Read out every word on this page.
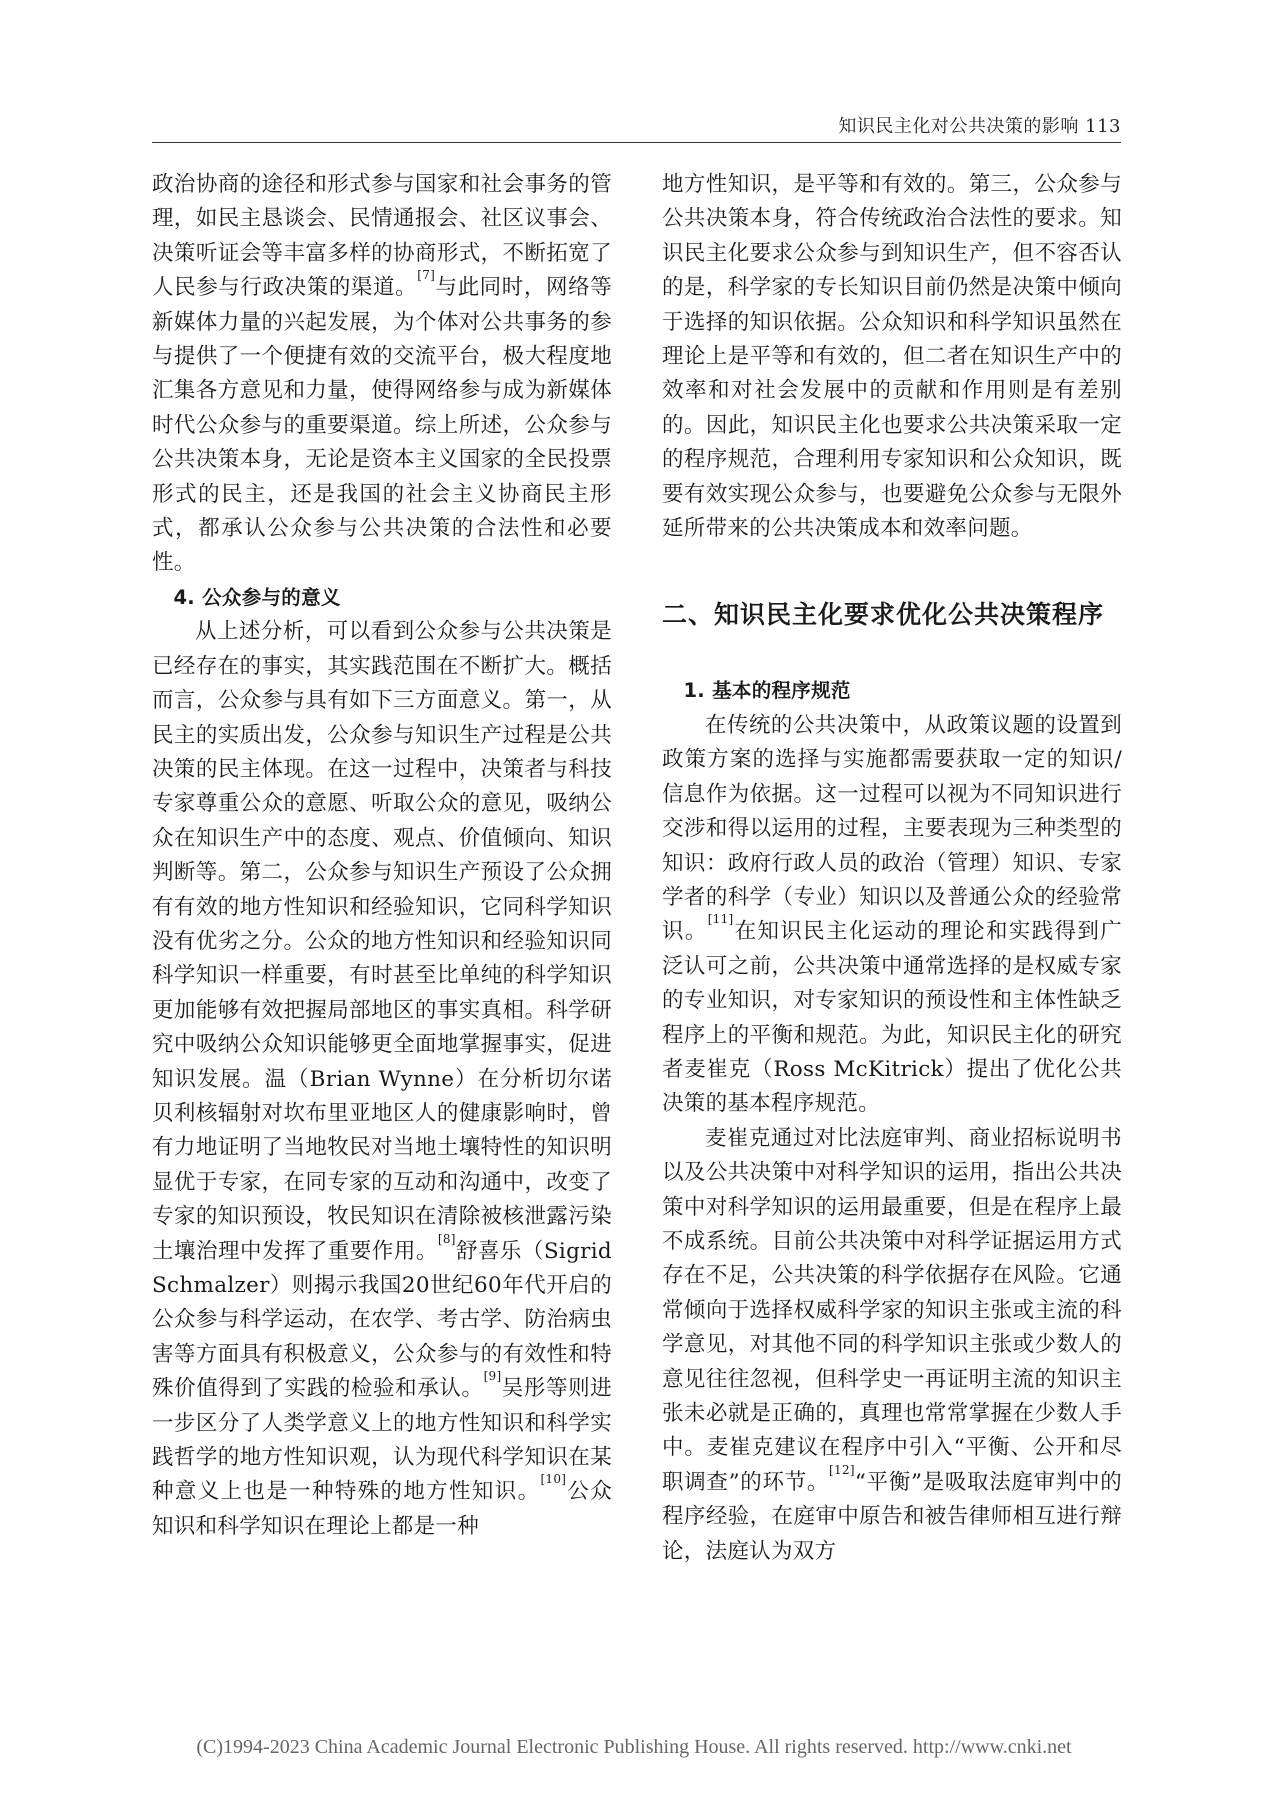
知识民主化对公共决策的影响 113

政治协商的途径和形式参与国家和社会事务的管理，如民主恳谈会、民情通报会、社区议事会、决策听证会等丰富多样的协商形式，不断拓宽了人民参与行政决策的渠道。[7]与此同时，网络等新媒体力量的兴起发展，为个体对公共事务的参与提供了一个便捷有效的交流平台，极大程度地汇集各方意见和力量，使得网络参与成为新媒体时代公众参与的重要渠道。综上所述，公众参与公共决策本身，无论是资本主义国家的全民投票形式的民主，还是我国的社会主义协商民主形式，都承认公众参与公共决策的合法性和必要性。

4. 公众参与的意义

从上述分析，可以看到公众参与公共决策是已经存在的事实，其实践范围在不断扩大。概括而言，公众参与具有如下三方面意义。第一，从民主的实质出发，公众参与知识生产过程是公共决策的民主体现。在这一过程中，决策者与科技专家尊重公众的意愿、听取公众的意见，吸纳公众在知识生产中的态度、观点、价值倾向、知识判断等。第二，公众参与知识生产预设了公众拥有有效的地方性知识和经验知识，它同科学知识没有优劣之分。公众的地方性知识和经验知识同科学知识一样重要，有时甚至比单纯的科学知识更加能够有效把握局部地区的事实真相。科学研究中吸纳公众知识能够更全面地掌握事实，促进知识发展。温（Brian Wynne）在分析切尔诺贝利核辐射对坎布里亚地区人的健康影响时，曾有力地证明了当地牧民对当地土壤特性的知识明显优于专家，在同专家的互动和沟通中，改变了专家的知识预设，牧民知识在清除被核泄露污染土壤治理中发挥了重要作用。[8]舒喜乐（Sigrid Schmalzer）则揭示我国20世纪60年代开启的公众参与科学运动，在农学、考古学、防治病虫害等方面具有积极意义，公众参与的有效性和特殊价值得到了实践的检验和承认。[9]吴彤等则进一步区分了人类学意义上的地方性知识和科学实践哲学的地方性知识观，认为现代科学知识在某种意义上也是一种特殊的地方性知识。[10]公众知识和科学知识在理论上都是一种

地方性知识，是平等和有效的。第三，公众参与公共决策本身，符合传统政治合法性的要求。知识民主化要求公众参与到知识生产，但不容否认的是，科学家的专长知识目前仍然是决策中倾向于选择的知识依据。公众知识和科学知识虽然在理论上是平等和有效的，但二者在知识生产中的效率和对社会发展中的贡献和作用则是有差别的。因此，知识民主化也要求公共决策采取一定的程序规范，合理利用专家知识和公众知识，既要有效实现公众参与，也要避免公众参与无限外延所带来的公共决策成本和效率问题。

二、知识民主化要求优化公共决策程序

1. 基本的程序规范

在传统的公共决策中，从政策议题的设置到政策方案的选择与实施都需要获取一定的知识/信息作为依据。这一过程可以视为不同知识进行交涉和得以运用的过程，主要表现为三种类型的知识：政府行政人员的政治（管理）知识、专家学者的科学（专业）知识以及普通公众的经验常识。[11]在知识民主化运动的理论和实践得到广泛认可之前，公共决策中通常选择的是权威专家的专业知识，对专家知识的预设性和主体性缺乏程序上的平衡和规范。为此，知识民主化的研究者麦崔克（Ross McKitrick）提出了优化公共决策的基本程序规范。

麦崔克通过对比法庭审判、商业招标说明书以及公共决策中对科学知识的运用，指出公共决策中对科学知识的运用最重要，但是在程序上最不成系统。目前公共决策中对科学证据运用方式存在不足，公共决策的科学依据存在风险。它通常倾向于选择权威科学家的知识主张或主流的科学意见，对其他不同的科学知识主张或少数人的意见往往忽视，但科学史一再证明主流的知识主张未必就是正确的，真理也常常掌握在少数人手中。麦崔克建议在程序中引入“平衡、公开和尽职调查”的环节。[12]“平衡”是吸取法庭审判中的程序经验，在庭审中原告和被告律师相互进行辩论，法庭认为双方

(C)1994-2023 China Academic Journal Electronic Publishing House. All rights reserved. http://www.cnki.net
